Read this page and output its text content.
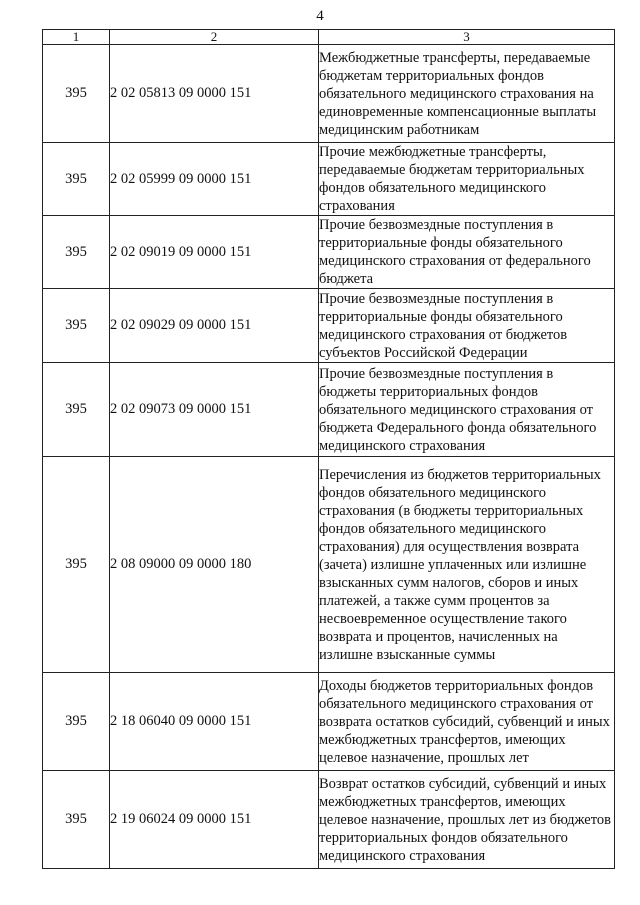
4
1	2	3
395	2 02 05813 09 0000 151	Межбюджетные трансферты, передаваемые бюджетам территориальных фондов обязательного медицинского страхования на единовременные компенсационные выплаты медицинским работникам
395	2 02 05999 09 0000 151	Прочие межбюджетные трансферты, передаваемые бюджетам территориальных фондов обязательного медицинского страхования
395	2 02 09019 09 0000 151	Прочие безвозмездные поступления в территориальные фонды обязательного медицинского страхования от федерального бюджета
395	2 02 09029 09 0000 151	Прочие безвозмездные поступления в территориальные фонды обязательного медицинского страхования от бюджетов субъектов Российской Федерации
395	2 02 09073 09 0000 151	Прочие безвозмездные поступления в бюджеты территориальных фондов обязательного медицинского страхования от бюджета Федерального фонда обязательного медицинского страхования
395	2 08 09000 09 0000 180	Перечисления из бюджетов территориальных фондов обязательного медицинского страхования (в бюджеты территориальных фондов обязательного медицинского страхования) для осуществления возврата (зачета) излишне уплаченных или излишне взысканных сумм налогов, сборов и иных платежей, а также сумм процентов за несвоевременное осуществление такого возврата и процентов, начисленных на излишне взысканные суммы
395	2 18 06040 09 0000 151	Доходы бюджетов территориальных фондов обязательного медицинского страхования от возврата остатков субсидий, субвенций и иных межбюджетных трансфертов, имеющих целевое назначение, прошлых лет
395	2 19 06024 09 0000 151	Возврат остатков субсидий, субвенций и иных межбюджетных трансфертов, имеющих целевое назначение, прошлых лет из бюджетов территориальных фондов обязательного медицинского страхования
